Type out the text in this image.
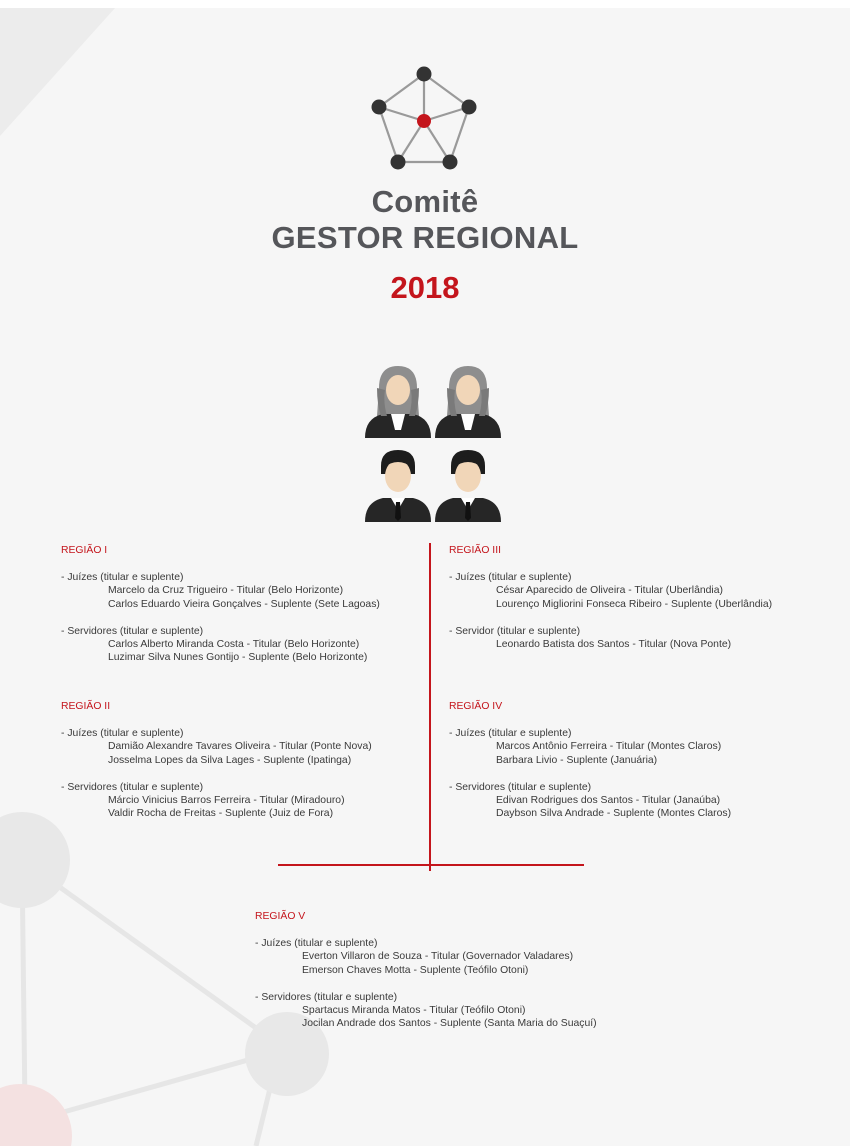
Comitê
GESTOR REGIONAL
2018
REGIÃO I
- Juízes (titular e suplente)
Marcelo da Cruz Trigueiro - Titular (Belo Horizonte)
Carlos Eduardo Vieira Gonçalves - Suplente (Sete Lagoas)
- Servidores (titular e suplente)
Carlos Alberto Miranda Costa - Titular (Belo Horizonte)
Luzimar Silva Nunes Gontijo - Suplente (Belo Horizonte)
REGIÃO II
- Juízes (titular e suplente)
Damião Alexandre Tavares Oliveira - Titular (Ponte Nova)
Josselma Lopes da Silva Lages - Suplente (Ipatinga)
- Servidores (titular e suplente)
Márcio Vinicius Barros Ferreira - Titular (Miradouro)
Valdir Rocha de Freitas - Suplente (Juiz de Fora)
REGIÃO III
- Juízes (titular e suplente)
César Aparecido de Oliveira - Titular (Uberlândia)
Lourenço Migliorini Fonseca Ribeiro - Suplente (Uberlândia)
- Servidor (titular e suplente)
Leonardo Batista dos Santos - Titular (Nova Ponte)
REGIÃO IV
- Juízes (titular e suplente)
Marcos Antônio Ferreira - Titular (Montes Claros)
Barbara Livio - Suplente (Januária)
- Servidores (titular e suplente)
Edivan Rodrigues dos Santos - Titular (Janaúba)
Daybson Silva Andrade - Suplente (Montes Claros)
REGIÃO V
- Juízes (titular e suplente)
Everton Villaron de Souza - Titular (Governador Valadares)
Emerson Chaves Motta - Suplente (Teófilo Otoni)
- Servidores (titular e suplente)
Spartacus Miranda Matos - Titular (Teófilo Otoni)
Jocilan Andrade dos Santos - Suplente (Santa Maria do Suaçuí)
